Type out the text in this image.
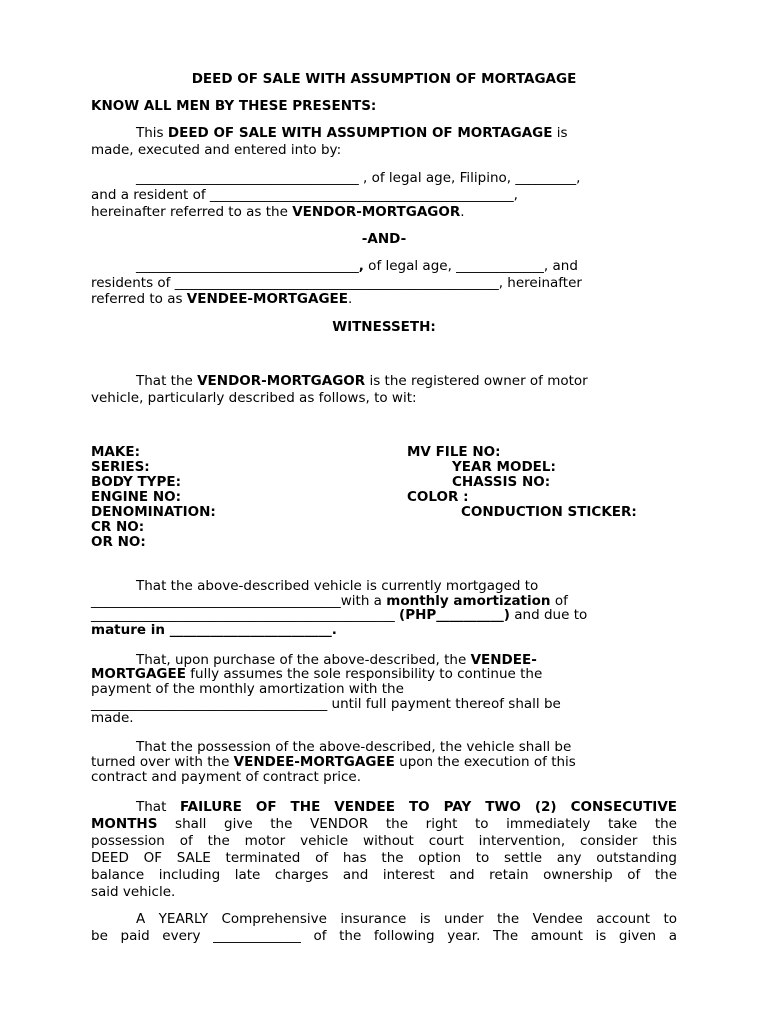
DEED OF SALE WITH ASSUMPTION OF MORTAGAGE
KNOW ALL MEN BY THESE PRESENTS:
This DEED OF SALE WITH ASSUMPTION OF MORTAGAGE is
made, executed and entered into by:
_________________________________ , of legal age, Filipino, _________,
and a resident of _____________________________________________,
hereinafter referred to as the VENDOR-MORTGAGOR.
-AND-
_________________________________, of legal age, _____________, and
residents of ________________________________________________, hereinafter
referred to as VENDEE-MORTGAGEE.
WITNESSETH:
That the VENDOR-MORTGAGOR is the registered owner of motor
vehicle, particularly described as follows, to wit:
MAKE:
SERIES:
BODY TYPE:
ENGINE NO:
DENOMINATION:
CR NO:
OR NO:
MV FILE NO:
YEAR MODEL:
CHASSIS NO:
COLOR :
CONDUCTION STICKER:
That the above-described vehicle is currently mortgaged to
_____________________________________with a monthly amortization of
_____________________________________________ (PHP__________) and due to
mature in ________________________.
That, upon purchase of the above-described, the VENDEE-
MORTGAGEE fully assumes the sole responsibility to continue the
payment of the monthly amortization with the
___________________________________ until full payment thereof shall be
made.
That the possession of the above-described, the vehicle shall be
turned over with the VENDEE-MORTGAGEE upon the execution of this
contract and payment of contract price.
That FAILURE OF THE VENDEE TO PAY TWO (2) CONSECUTIVE
MONTHS shall give the VENDOR the right to immediately take the
possession of the motor vehicle without court intervention, consider this
DEED OF SALE terminated of has the option to settle any outstanding
balance including late charges and interest and retain ownership of the
said vehicle.
A YEARLY Comprehensive insurance is under the Vendee account to
be paid every _____________ of the following year. The amount is given a
